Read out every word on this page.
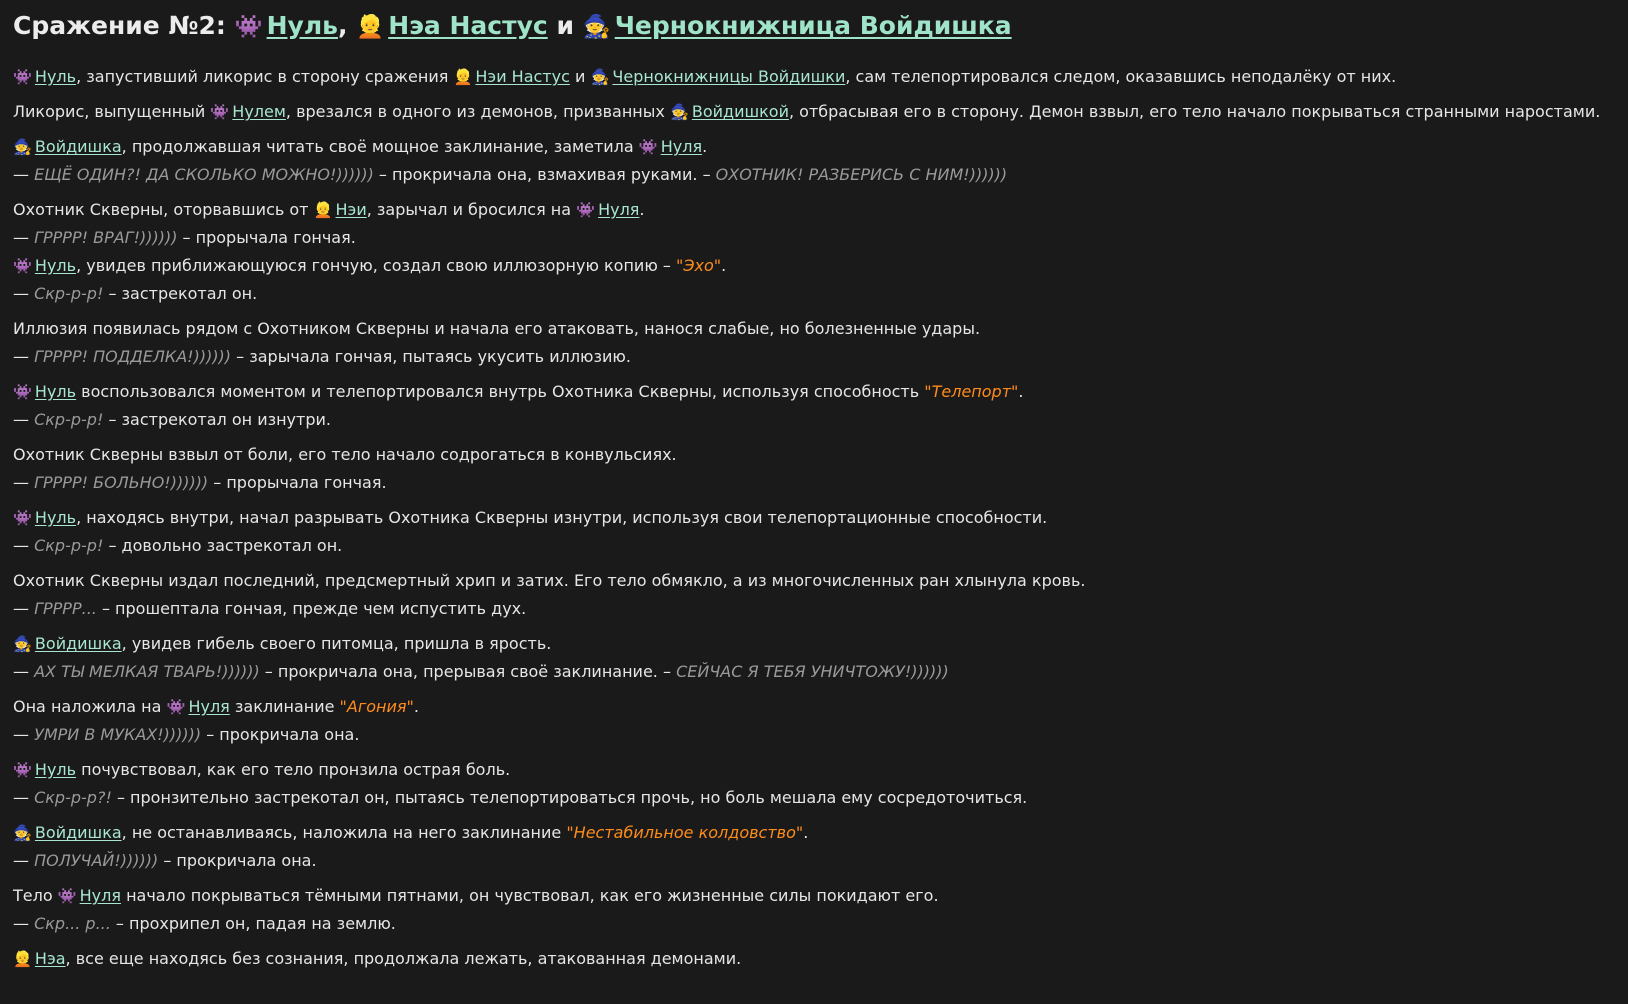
Сражение №2: 👾 Нуль, 👱 Нэа Настус и 🧙 Чернокнижница Войдишка
👾 Нуль, запустивший ликорис в сторону сражения 👱 Нэи Настус и 🧙 Чернокнижницы Войдишки, сам телепортировался следом, оказавшись неподалёку от них.
Ликорис, выпущенный 👾 Нулем, врезался в одного из демонов, призванных 🧙 Войдишкой, отбрасывая его в сторону. Демон взвыл, его тело начало покрываться странными наростами.
🧙 Войдишка, продолжавшая читать своё мощное заклинание, заметила 👾 Нуля.
— ЕЩЁ ОДИН?! ДА СКОЛЬКО МОЖНО!)))))) – прокричала она, взмахивая руками. – ОХОТНИК! РАЗБЕРИСЬ С НИМ!))))))
Охотник Скверны, оторвавшись от 👱 Нэи, зарычал и бросился на 👾 Нуля.
— ГРРРР! ВРАГ!)))))) – прорычала гончая.
👾 Нуль, увидев приближающуюся гончую, создал свою иллюзорную копию – "Эхо".
— Скр-р-р! – застрекотал он.
Иллюзия появилась рядом с Охотником Скверны и начала его атаковать, нанося слабые, но болезненные удары.
— ГРРРР! ПОДДЕЛКА!)))))) – зарычала гончая, пытаясь укусить иллюзию.
👾 Нуль воспользовался моментом и телепортировался внутрь Охотника Скверны, используя способность "Телепорт".
— Скр-р-р! – застрекотал он изнутри.
Охотник Скверны взвыл от боли, его тело начало содрогаться в конвульсиях.
— ГРРРР! БОЛЬНО!)))))) – прорычала гончая.
👾 Нуль, находясь внутри, начал разрывать Охотника Скверны изнутри, используя свои телепортационные способности.
— Скр-р-р! – довольно застрекотал он.
Охотник Скверны издал последний, предсмертный хрип и затих. Его тело обмякло, а из многочисленных ран хлынула кровь.
— ГРРРР... – прошептала гончая, прежде чем испустить дух.
🧙 Войдишка, увидев гибель своего питомца, пришла в ярость.
— АХ ТЫ МЕЛКАЯ ТВАРЬ!)))))) – прокричала она, прерывая своё заклинание. – СЕЙЧАС Я ТЕБЯ УНИЧТОЖУ!))))))
Она наложила на 👾 Нуля заклинание "Агония".
— УМРИ В МУКАХ!)))))) – прокричала она.
👾 Нуль почувствовал, как его тело пронзила острая боль.
— Скр-р-р?! – пронзительно застрекотал он, пытаясь телепортироваться прочь, но боль мешала ему сосредоточиться.
🧙 Войдишка, не останавливаясь, наложила на него заклинание "Нестабильное колдовство".
— ПОЛУЧАЙ!)))))) – прокричала она.
Тело 👾 Нуля начало покрываться тёмными пятнами, он чувствовал, как его жизненные силы покидают его.
— Скр... р... – прохрипел он, падая на землю.
👱 Нэа, все еще находясь без сознания, продолжала лежать, атакованная демонами.
